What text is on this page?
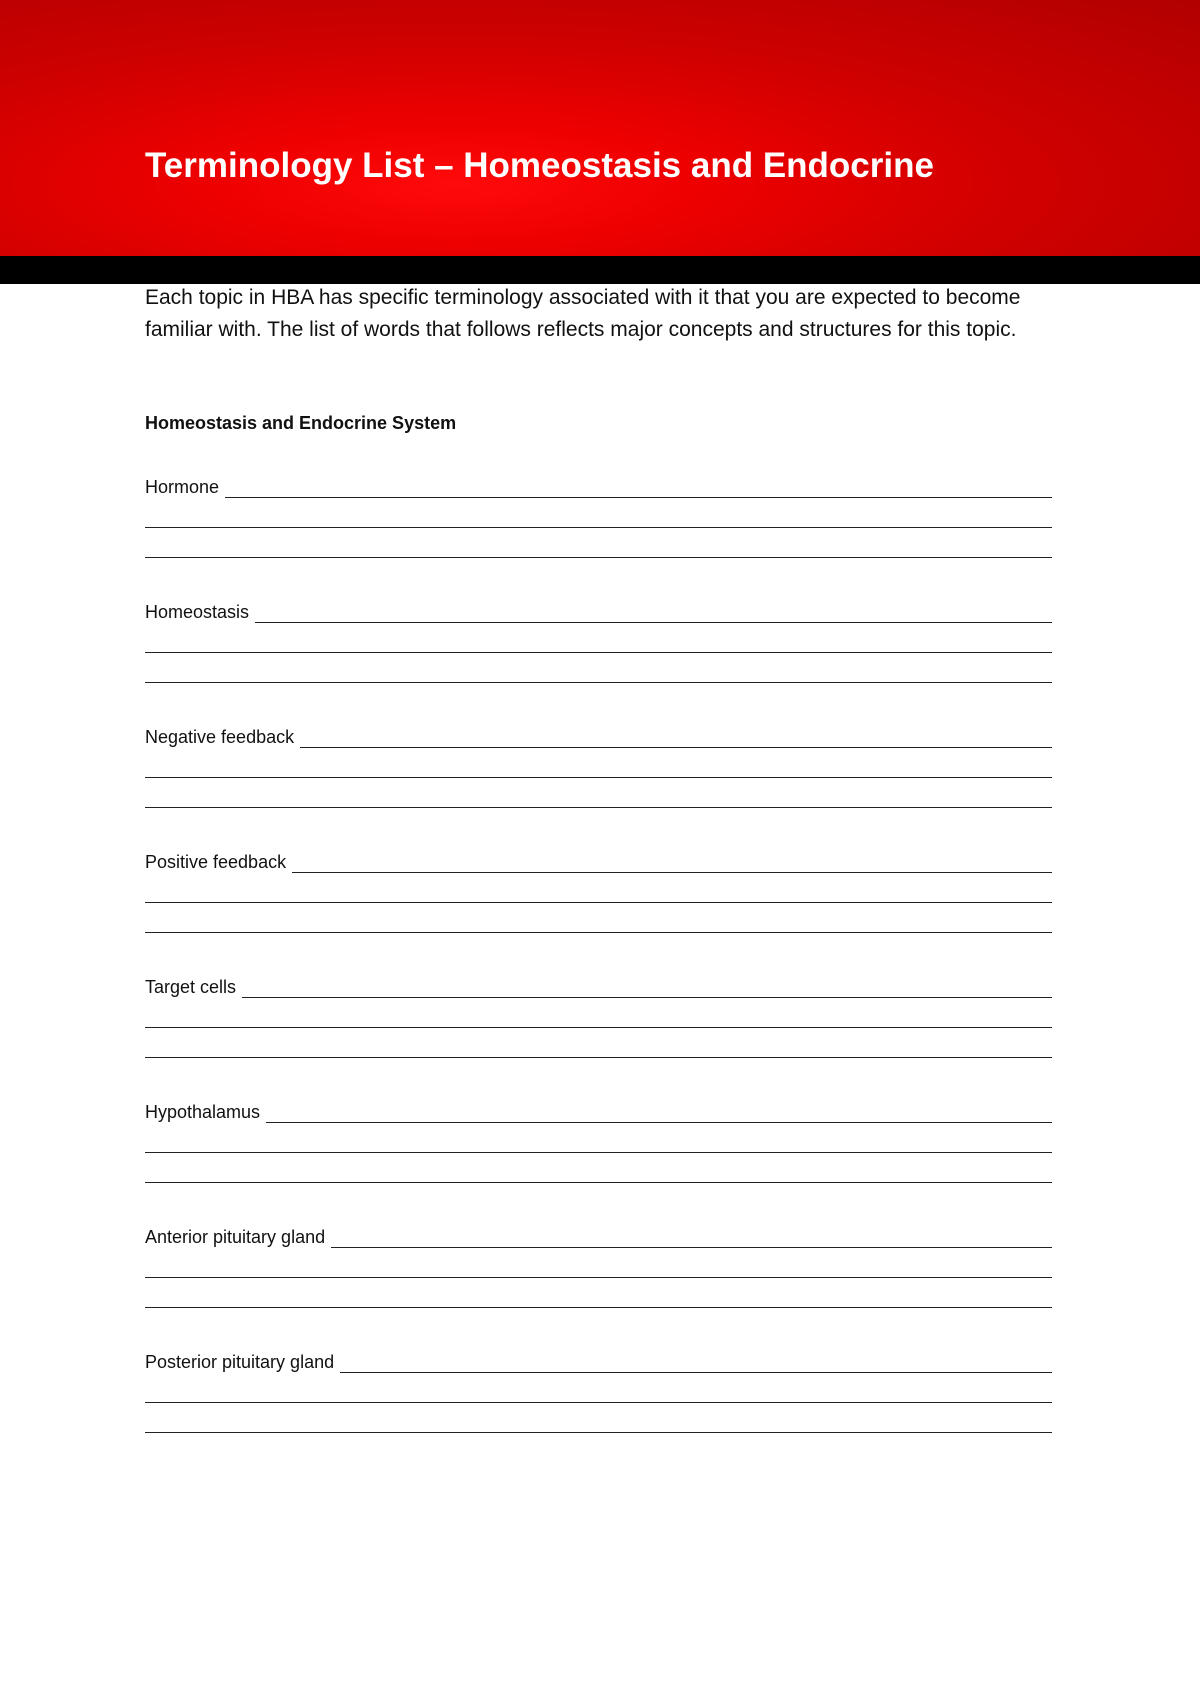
Terminology List – Homeostasis and Endocrine

Each topic in HBA has specific terminology associated with it that you are expected to become familiar with. The list of words that follows reflects major concepts and structures for this topic.

Homeostasis and Endocrine System
Hormone
Homeostasis
Negative feedback
Positive feedback
Target cells
Hypothalamus
Anterior pituitary gland
Posterior pituitary gland
